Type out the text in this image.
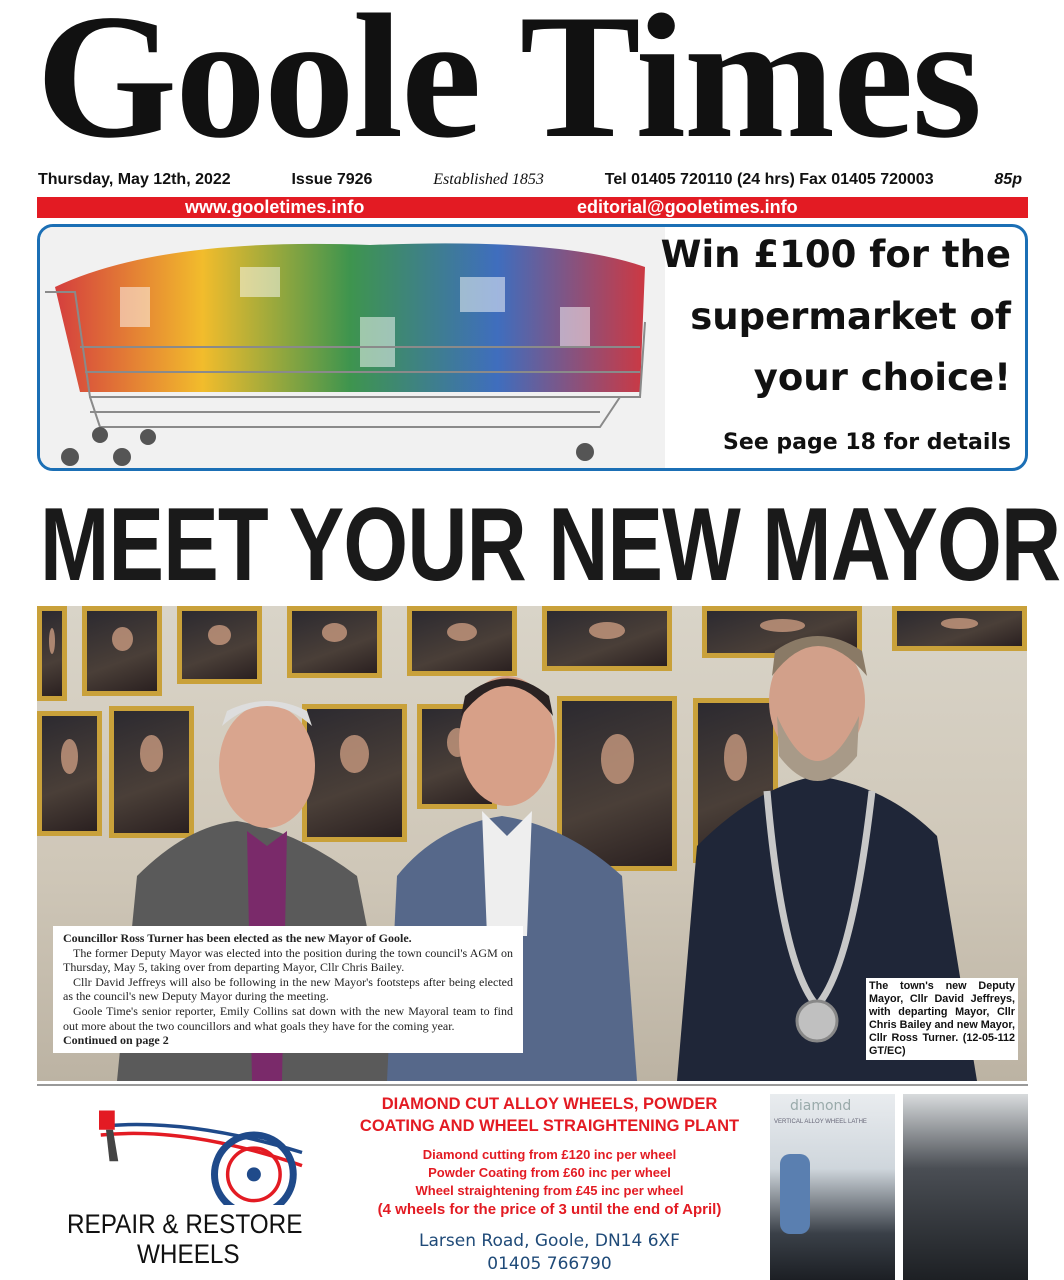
Goole Times
Thursday, May 12th, 2022	Issue 7926	Established 1853	Tel 01405 720110 (24 hrs) Fax 01405 720003	85p
www.gooletimes.info	editorial@gooletimes.info
Win £100 for the
supermarket of
your choice!
See page 18 for details
MEET YOUR NEW MAYOR

Councillor Ross Turner has been elected as the new Mayor of Goole.

The former Deputy Mayor was elected into the position during the town council's AGM on Thursday, May 5, taking over from departing Mayor, Cllr Chris Bailey.

Cllr David Jeffreys will also be following in the new Mayor's footsteps after being elected as the council's new Deputy Mayor during the meeting.

Goole Time's senior reporter, Emily Collins sat down with the new Mayoral team to find out more about the two councillors and what goals they have for the coming year.

Continued on page 2

The town's new Deputy Mayor, Cllr David Jeffreys, with departing Mayor, Cllr Chris Bailey and new Mayor, Cllr Ross Turner. (12-05-112 GT/EC)
REPAIR & RESTORE
WHEELS
DIAMOND CUT ALLOY WHEELS, POWDER
COATING AND WHEEL STRAIGHTENING PLANT
Diamond cutting from £120 inc per wheel
Powder Coating from £60 inc per wheel
Wheel straightening from £45 inc per wheel
(4 wheels for the price of 3 until the end of April)
Larsen Road, Goole, DN14 6XF
01405 766790
diamond
VERTICAL ALLOY WHEEL LATHE
